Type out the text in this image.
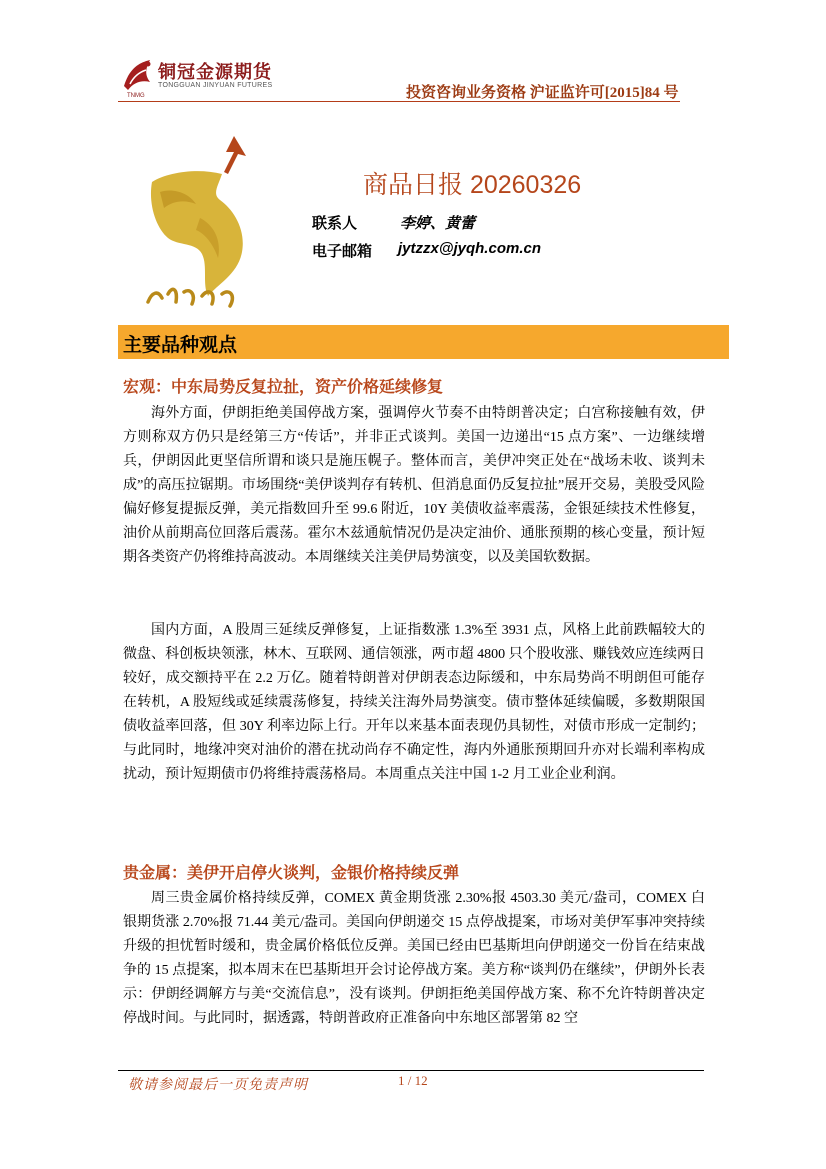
铜冠金源期货
TONGGUAN JINYUAN FUTURES
TNMG	投资咨询业务资格 沪证监许可[2015]84 号
商品日报 20260326
联系人	李婷、黄蕾
电子邮箱 jytzzx@jyqh.com.cn
主要品种观点
宏观：中东局势反复拉扯，资产价格延续修复

海外方面，伊朗拒绝美国停战方案，强调停火节奏不由特朗普决定；白宫称接触有效，伊方则称双方仍只是经第三方“传话”，并非正式谈判。美国一边递出“15 点方案”、一边继续增兵，伊朗因此更坚信所谓和谈只是施压幌子。整体而言，美伊冲突正处在“战场未收、谈判未成”的高压拉锯期。市场围绕“美伊谈判存有转机、但消息面仍反复拉扯”展开交易，美股受风险偏好修复提振反弹，美元指数回升至 99.6 附近，10Y 美债收益率震荡，金银延续技术性修复，油价从前期高位回落后震荡。霍尔木兹通航情况仍是决定油价、通胀预期的核心变量，预计短期各类资产仍将维持高波动。本周继续关注美伊局势演变，以及美国软数据。

国内方面，A 股周三延续反弹修复，上证指数涨 1.3%至 3931 点，风格上此前跌幅较大的微盘、科创板块领涨，林木、互联网、通信领涨，两市超 4800 只个股收涨、赚钱效应连续两日较好，成交额持平在 2.2 万亿。随着特朗普对伊朗表态边际缓和，中东局势尚不明朗但可能存在转机，A 股短线或延续震荡修复，持续关注海外局势演变。债市整体延续偏暖，多数期限国债收益率回落，但 30Y 利率边际上行。开年以来基本面表现仍具韧性，对债市形成一定制约；与此同时，地缘冲突对油价的潜在扰动尚存不确定性，海内外通胀预期回升亦对长端利率构成扰动，预计短期债市仍将维持震荡格局。本周重点关注中国 1-2 月工业企业利润。

贵金属：美伊开启停火谈判，金银价格持续反弹

周三贵金属价格持续反弹，COMEX 黄金期货涨 2.30%报 4503.30 美元/盎司，COMEX 白银期货涨 2.70%报 71.44 美元/盎司。美国向伊朗递交 15 点停战提案，市场对美伊军事冲突持续升级的担忧暂时缓和，贵金属价格低位反弹。美国已经由巴基斯坦向伊朗递交一份旨在结束战争的 15 点提案，拟本周末在巴基斯坦开会讨论停战方案。美方称“谈判仍在继续”，伊朗外长表示：伊朗经调解方与美“交流信息”，没有谈判。伊朗拒绝美国停战方案、称不允许特朗普决定停战时间。与此同时，据透露，特朗普政府正准备向中东地区部署第 82 空

敬请参阅最后一页免责声明	1 / 12
